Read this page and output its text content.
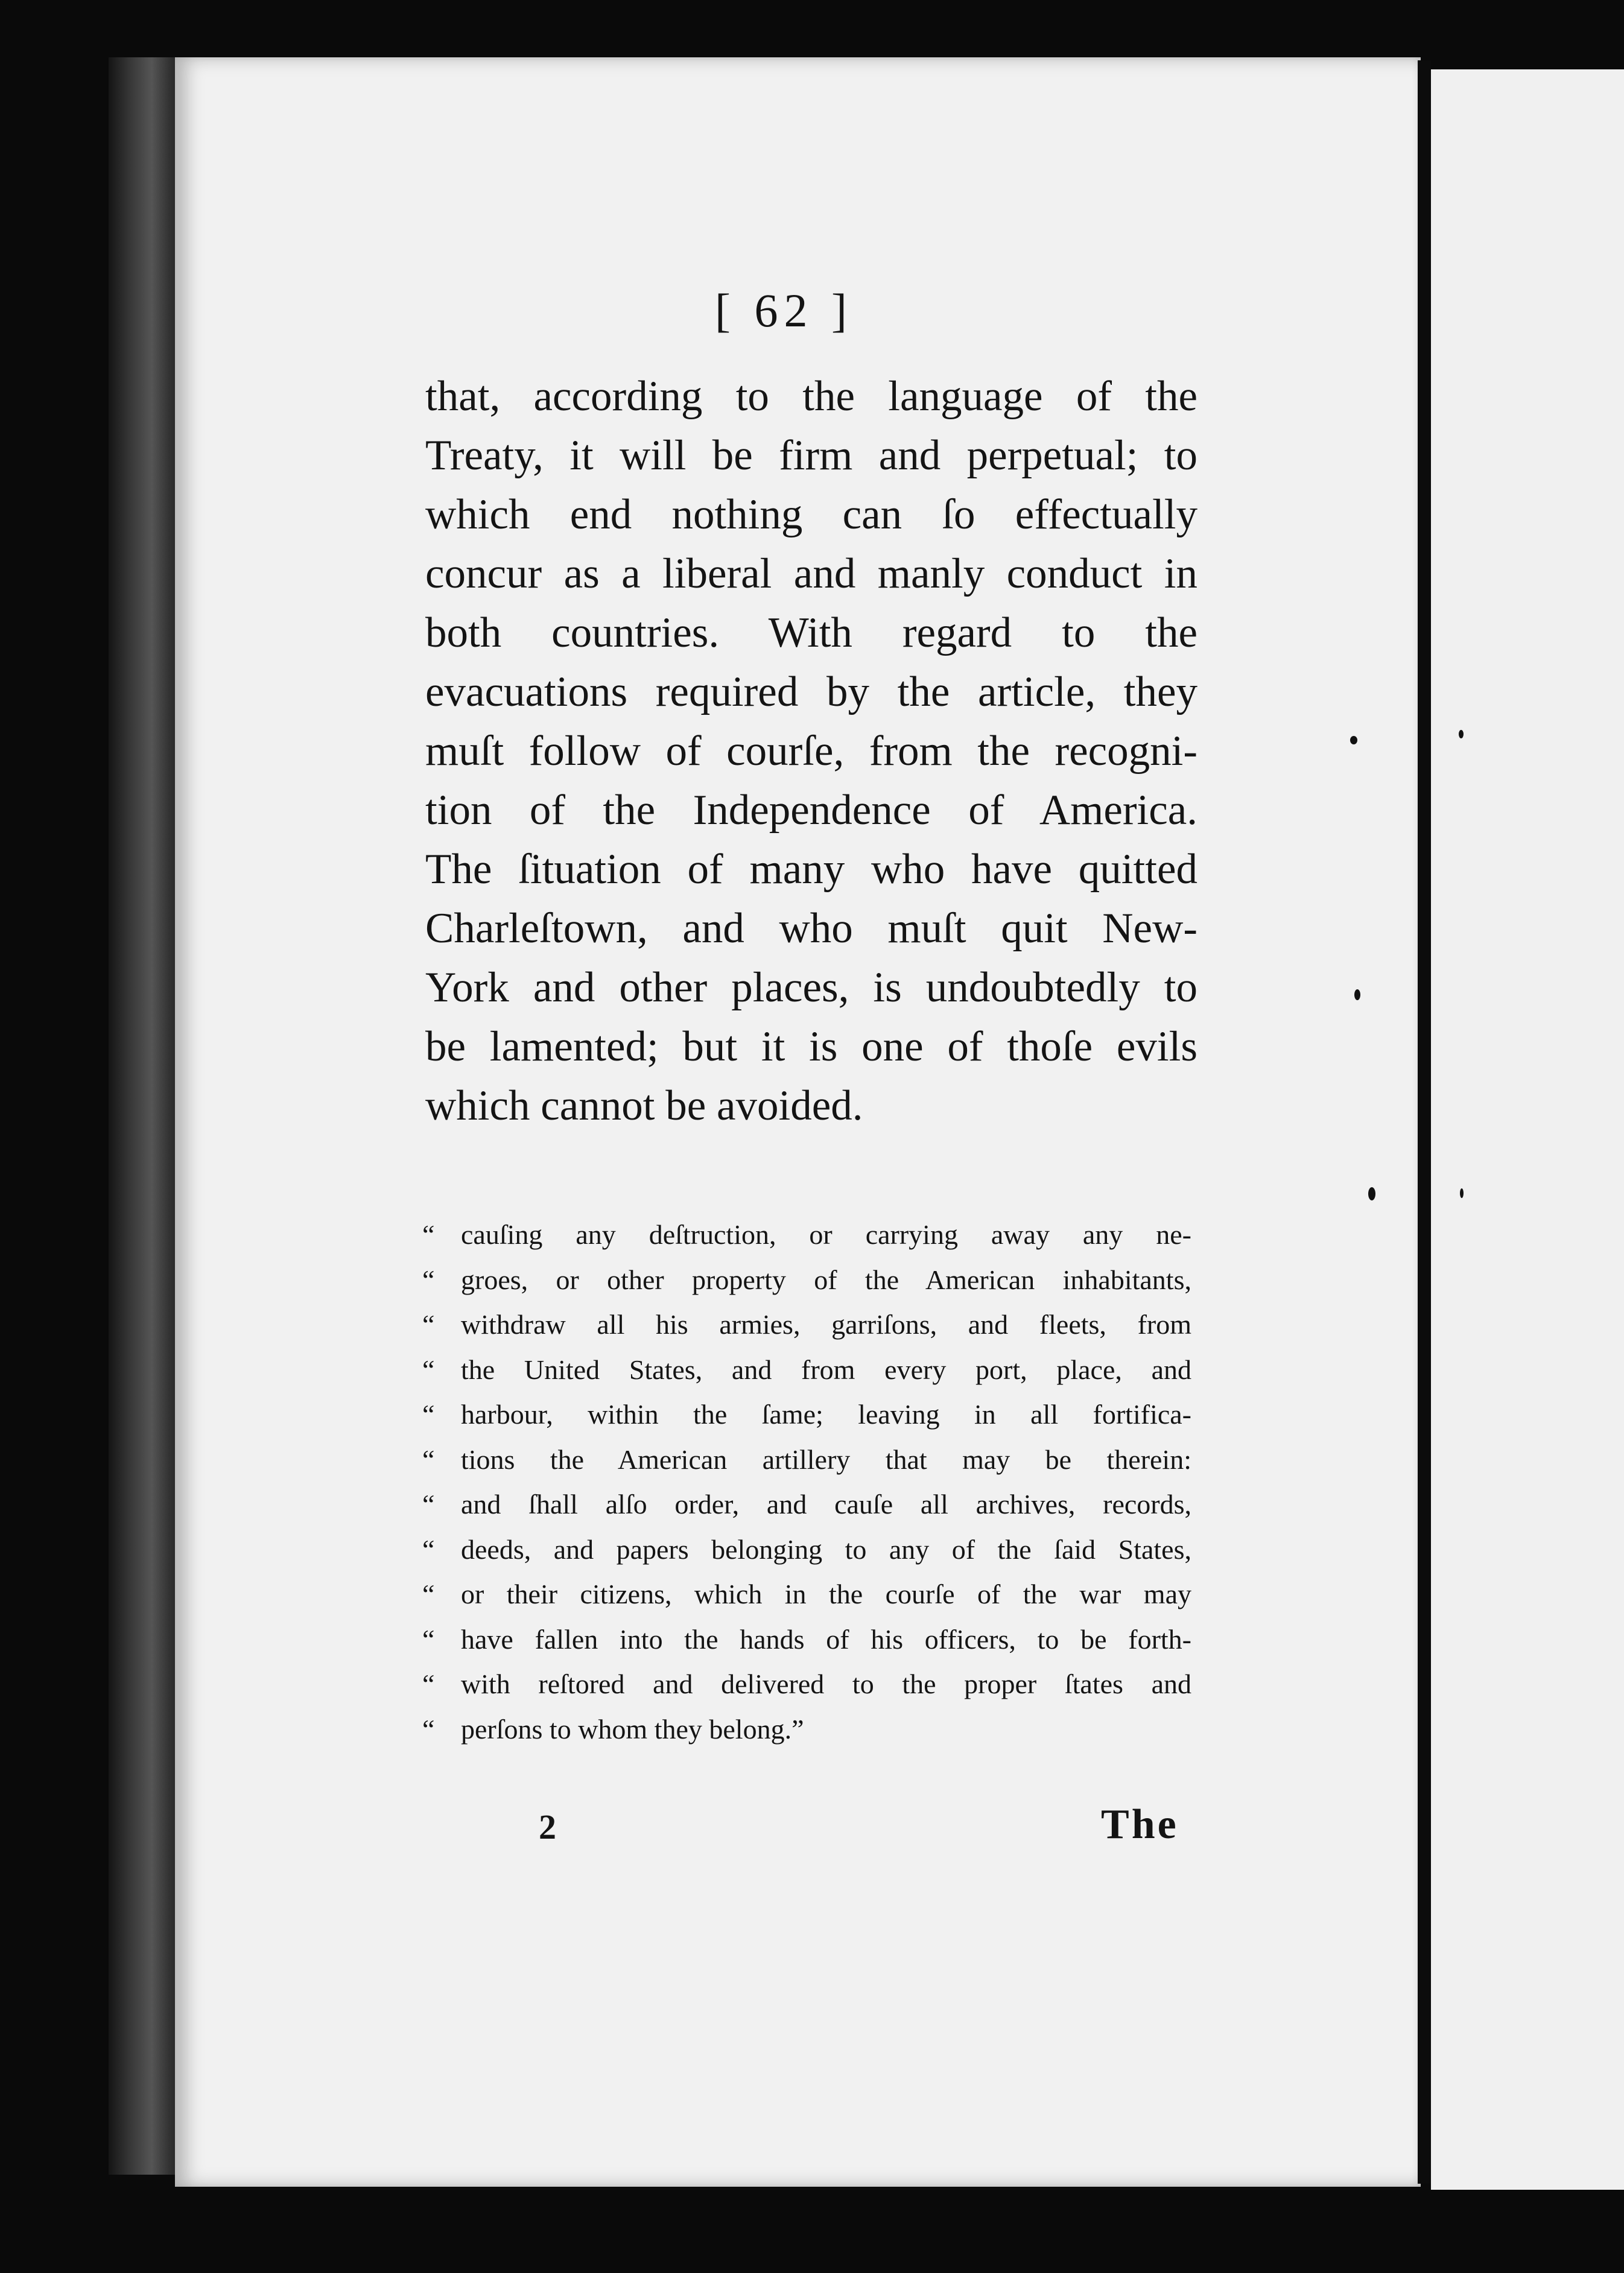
[ 62 ]
that, according to the language of the
Treaty, it will be firm and perpetual; to
which end nothing can ſo effectually
concur as a liberal and manly conduct in
both countries. With regard to the
evacuations required by the article, they
muſt follow of courſe, from the recogni-
tion of the Independence of America.
The ſituation of many who have quitted
Charleſtown, and who muſt quit New-
York and other places, is undoubtedly to
be lamented; but it is one of thoſe evils
which cannot be avoided.
“ cauſing any deſtruction, or carrying away any ne-
“ groes, or other property of the American inhabitants,
“ withdraw all his armies, garriſons, and fleets, from
“ the United States, and from every port, place, and
“ harbour, within the ſame; leaving in all fortifica-
“ tions the American artillery that may be therein:
“ and ſhall alſo order, and cauſe all archives, records,
“ deeds, and papers belonging to any of the ſaid States,
“ or their citizens, which in the courſe of the war may
“ have fallen into the hands of his officers, to be forth-
“ with reſtored and delivered to the proper ſtates and
“ perſons to whom they belong.”
2	The
